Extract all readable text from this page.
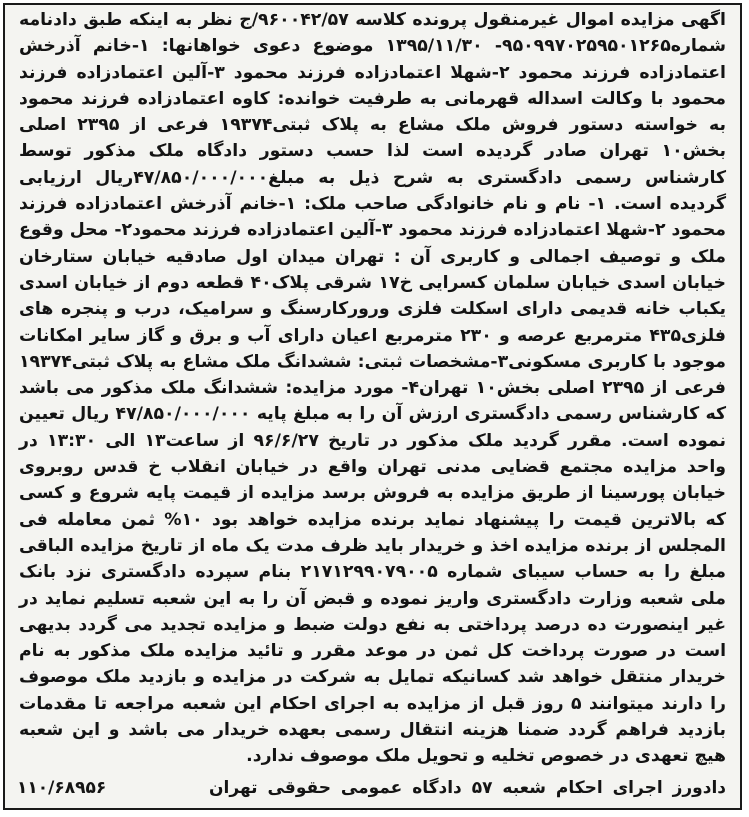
اگهی مزایده اموال غیرمنقول پرونده کلاسه ۹۶۰۰۴۲/۵۷/ج نظر به اینکه طبق دادنامه شماره۹۵۰۹۹۷۰۲۵۹۵۰۱۲۶۵- ۱۳۹۵/۱۱/۳۰ موضوع دعوی خواهانها: ۱-خانم آذرخش اعتمادزاده فرزند محمود ۲-شهلا اعتمادزاده فرزند محمود ۳-آلین اعتمادزاده فرزند محمود با وکالت اسداله قهرمانی به طرفیت خوانده: کاوه اعتمادزاده فرزند محمود به خواسته دستور فروش ملک مشاع به پلاک ثبتی۱۹۳۷۴ فرعی از ۲۳۹۵ اصلی بخش۱۰ تهران صادر گردیده است لذا حسب دستور دادگاه ملک مذکور توسط کارشناس رسمی دادگستری به شرح ذیل به مبلغ۴۷/۸۵۰/۰۰۰/۰۰۰ریال ارزیابی گردیده است. ۱- نام و نام خانوادگی صاحب ملک: ۱-خانم آذرخش اعتمادزاده فرزند محمود ۲-شهلا اعتمادزاده فرزند محمود ۳-آلین اعتمادزاده فرزند محمود۲- محل وقوع ملک و توصیف اجمالی و کاربری آن : تهران میدان اول صادقیه خیابان ستارخان خیابان اسدی خیابان سلمان کسرایی خ۱۷ شرقی پلاک۴۰ قطعه دوم از خیابان اسدی یکباب خانه قدیمی دارای اسکلت فلزی ورورکارسنگ و سرامیک، درب و پنجره های فلزی۴۳۵ مترمربع عرصه و ۲۳۰ مترمربع اعیان دارای آب و برق و گاز سایر امکانات موجود با کاربری مسکونی۳-مشخصات ثبتی: ششدانگ ملک مشاع به پلاک ثبتی۱۹۳۷۴ فرعی از ۲۳۹۵ اصلی بخش۱۰ تهران۴- مورد مزایده: ششدانگ ملک مذکور می باشد که کارشناس رسمی دادگستری ارزش آن را به مبلغ پایه ۴۷/۸۵۰/۰۰۰/۰۰۰ ریال تعیین نموده است. مقرر گردید ملک مذکور در تاریخ ۹۶/۶/۲۷ از ساعت۱۳ الی ۱۳:۳۰ در واحد مزایده مجتمع قضایی مدنی تهران واقع در خیابان انقلاب خ قدس روبروی خیابان پورسینا از طریق مزایده به فروش برسد مزایده از قیمت پایه شروع و کسی که بالاترین قیمت را پیشنهاد نماید برنده مزایده خواهد بود ۱۰% ثمن معامله فی المجلس از برنده مزایده اخذ و خریدار باید ظرف مدت یک ماه از تاریخ مزایده الباقی مبلغ را به حساب سیبای شماره ۲۱۷۱۲۹۹۰۷۹۰۰۵ بنام سپرده دادگستری نزد بانک ملی شعبه وزارت دادگستری واریز نموده و قبض آن را به این شعبه تسلیم نماید در غیر اینصورت ده درصد پرداختی به نفع دولت ضبط و مزایده تجدید می گردد بدیهی است در صورت پرداخت کل ثمن در موعد مقرر و تائید مزایده ملک مذکور به نام خریدار منتقل خواهد شد کسانیکه تمایل به شرکت در مزایده و بازدید ملک موصوف را دارند میتوانند ۵ روز قبل از مزایده به اجرای احکام این شعبه مراجعه تا مقدمات بازدید فراهم گردد ضمنا هزینه انتقال رسمی بعهده خریدار می باشد و این شعبه هیچ تعهدی در خصوص تخلیه و تحویل ملک موصوف ندارد.

دادورز اجرای احکام شعبه ۵۷ دادگاه عمومی حقوقی تهران
۱۱۰/۶۸۹۵۶
